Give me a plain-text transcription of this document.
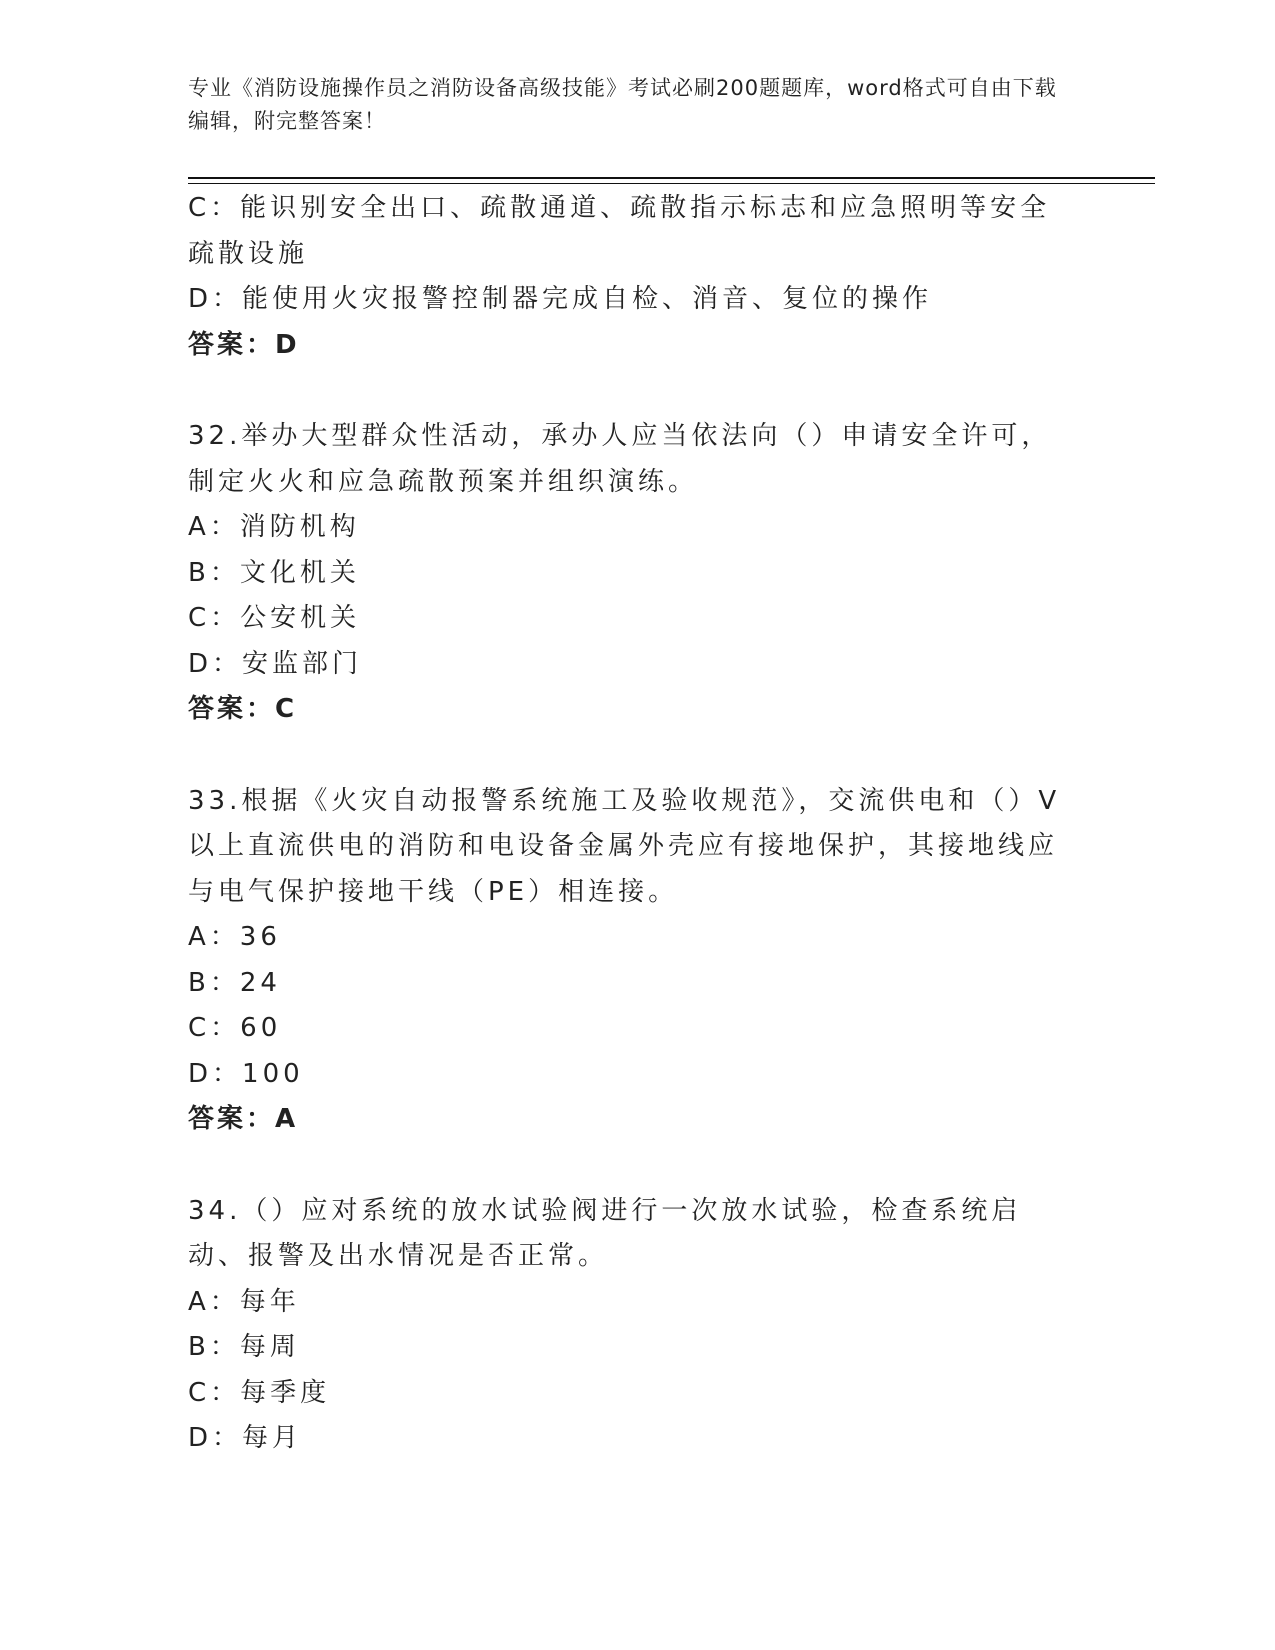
专业《消防设施操作员之消防设备高级技能》考试必刷200题题库，word格式可自由下载编辑，附完整答案！
C：能识别安全出口、疏散通道、疏散指示标志和应急照明等安全疏散设施
D：能使用火灾报警控制器完成自检、消音、复位的操作
答案：D
32.举办大型群众性活动，承办人应当依法向（）申请安全许可，制定火火和应急疏散预案并组织演练。
A：消防机构
B：文化机关
C：公安机关
D：安监部门
答案：C
33.根据《火灾自动报警系统施工及验收规范》，交流供电和（）V以上直流供电的消防和电设备金属外壳应有接地保护，其接地线应与电气保护接地干线（PE）相连接。
A：36
B：24
C：60
D：100
答案：A
34.（）应对系统的放水试验阀进行一次放水试验，检查系统启动、报警及出水情况是否正常。
A：每年
B：每周
C：每季度
D：每月
